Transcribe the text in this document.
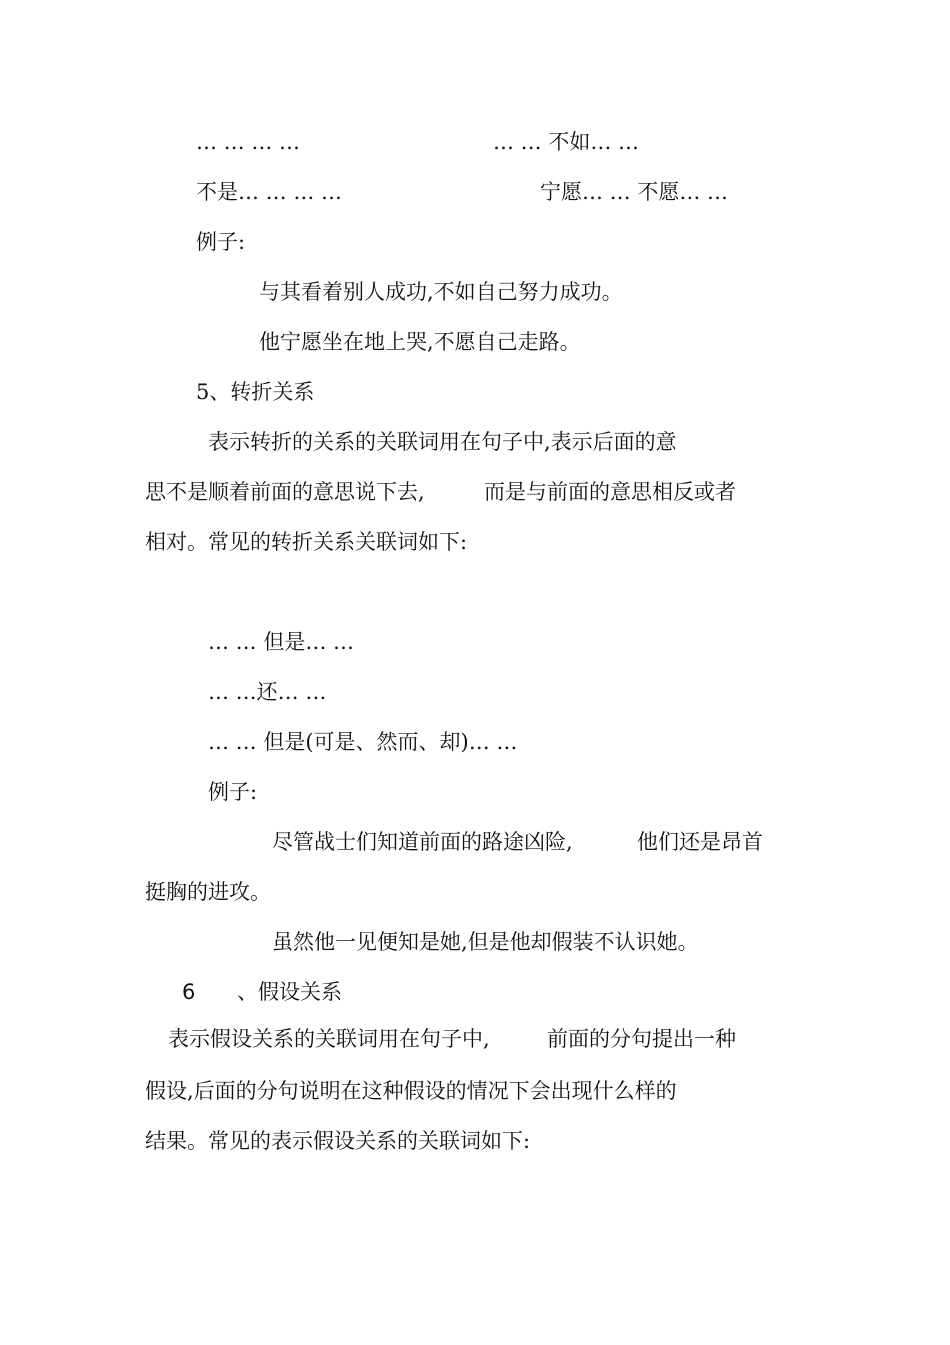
… … … …	… … 不如… …
不是… … … …	宁愿… … 不愿… …
例子:
与其看着别人成功,不如自己努力成功。
他宁愿坐在地上哭,不愿自己走路。
5、转折关系
表示转折的关系的关联词用在句子中,表示后面的意
思不是顺着前面的意思说下去,	而是与前面的意思相反或者
相对。常见的转折关系关联词如下:
… … 但是… …
… …还… …
… … 但是(可是、然而、却)… …
例子:
尽管战士们知道前面的路途凶险,	他们还是昂首
挺胸的进攻。
虽然他一见便知是她,但是他却假装不认识她。
6 、假设关系
表示假设关系的关联词用在句子中,	前面的分句提出一种
假设,后面的分句说明在这种假设的情况下会出现什么样的
结果。常见的表示假设关系的关联词如下:
